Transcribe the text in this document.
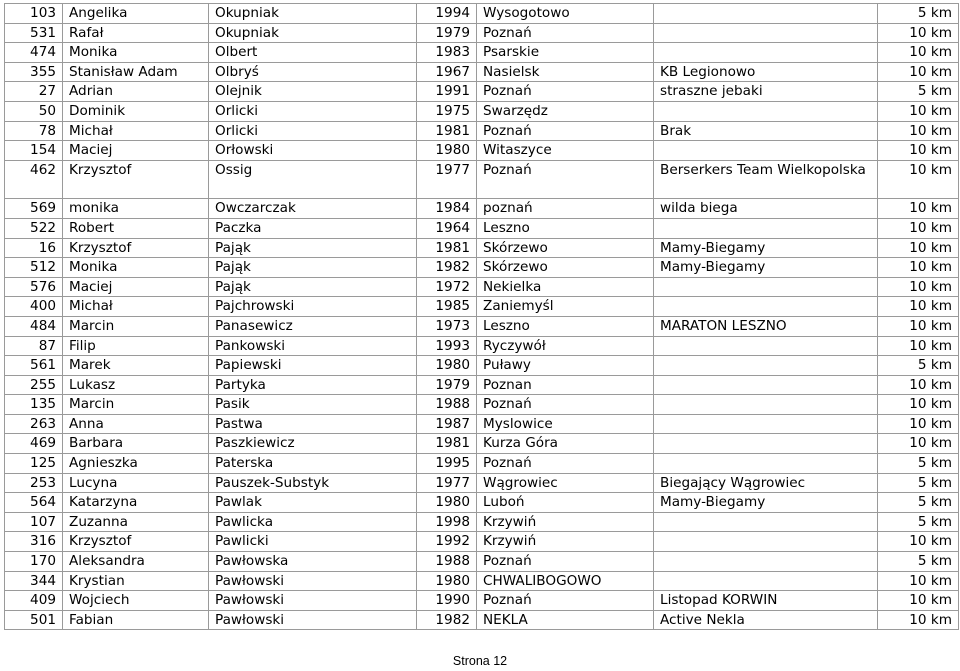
103	Angelika	Okupniak	1994	Wysogotowo		5 km
531	Rafał	Okupniak	1979	Poznań		10 km
474	Monika	Olbert	1983	Psarskie		10 km
355	Stanisław Adam	Olbryś	1967	Nasielsk	KB Legionowo	10 km
27	Adrian	Olejnik	1991	Poznań	straszne jebaki	5 km
50	Dominik	Orlicki	1975	Swarzędz		10 km
78	Michał	Orlicki	1981	Poznań	Brak	10 km
154	Maciej	Orłowski	1980	Witaszyce		10 km
462	Krzysztof	Ossig	1977	Poznań	Berserkers Team Wielkopolska	10 km
569	monika	Owczarczak	1984	poznań	wilda biega	10 km
522	Robert	Paczka	1964	Leszno		10 km
16	Krzysztof	Pająk	1981	Skórzewo	Mamy-Biegamy	10 km
512	Monika	Pająk	1982	Skórzewo	Mamy-Biegamy	10 km
576	Maciej	Pająk	1972	Nekielka		10 km
400	Michał	Pajchrowski	1985	Zaniemyśl		10 km
484	Marcin	Panasewicz	1973	Leszno	MARATON LESZNO	10 km
87	Filip	Pankowski	1993	Ryczywół		10 km
561	Marek	Papiewski	1980	Puławy		5 km
255	Lukasz	Partyka	1979	Poznan		10 km
135	Marcin	Pasik	1988	Poznań		10 km
263	Anna	Pastwa	1987	Myslowice		10 km
469	Barbara	Paszkiewicz	1981	Kurza Góra		10 km
125	Agnieszka	Paterska	1995	Poznań		5 km
253	Lucyna	Pauszek-Substyk	1977	Wągrowiec	Biegający Wągrowiec	5 km
564	Katarzyna	Pawlak	1980	Luboń	Mamy-Biegamy	5 km
107	Zuzanna	Pawlicka	1998	Krzywiń		5 km
316	Krzysztof	Pawlicki	1992	Krzywiń		10 km
170	Aleksandra	Pawłowska	1988	Poznań		5 km
344	Krystian	Pawłowski	1980	CHWALIBOGOWO		10 km
409	Wojciech	Pawłowski	1990	Poznań	Listopad KORWIN	10 km
501	Fabian	Pawłowski	1982	NEKLA	Active Nekla	10 km
Strona 12
